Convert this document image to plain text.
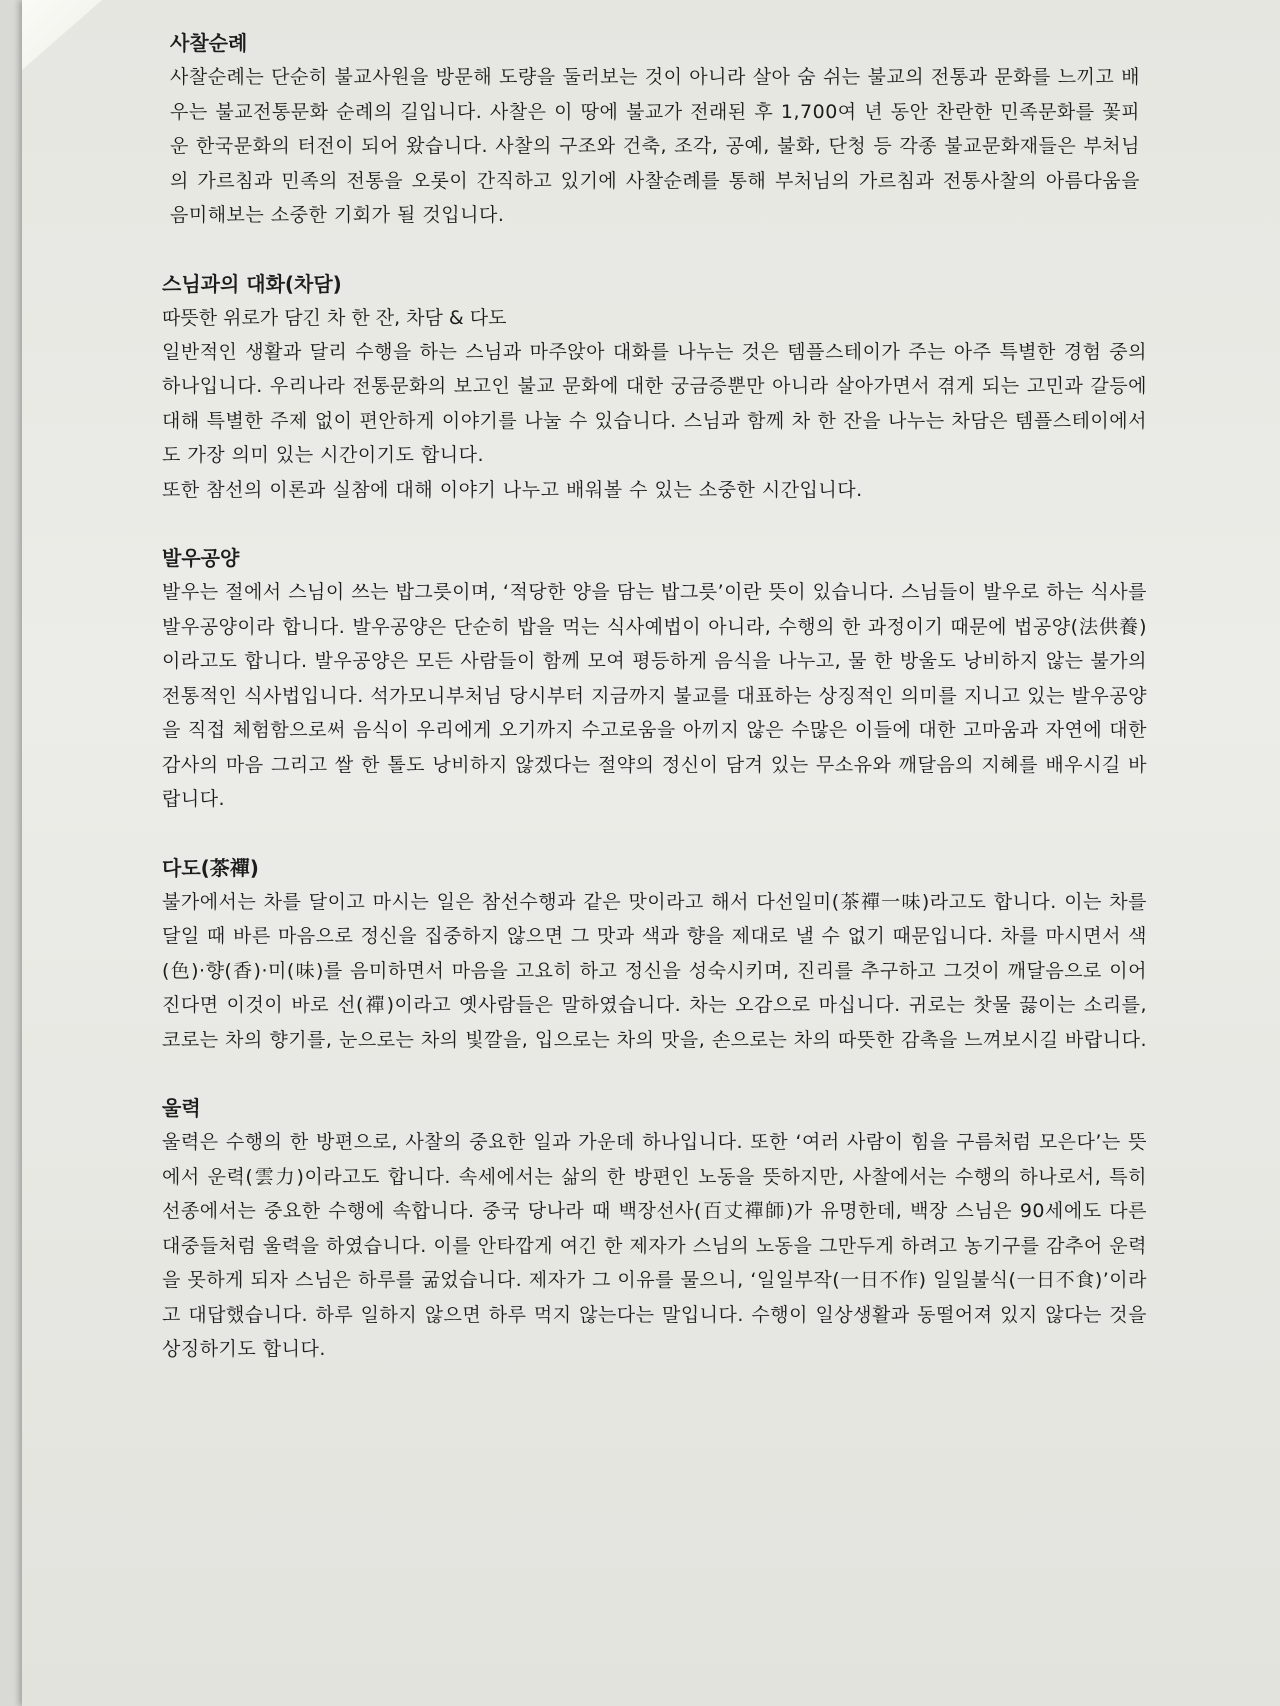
사찰순례

사찰순례는 단순히 불교사원을 방문해 도량을 둘러보는 것이 아니라 살아 숨 쉬는 불교의 전통과 문화를 느끼고 배우는 불교전통문화 순례의 길입니다. 사찰은 이 땅에 불교가 전래된 후 1,700여 년 동안 찬란한 민족문화를 꽃피운 한국문화의 터전이 되어 왔습니다. 사찰의 구조와 건축, 조각, 공예, 불화, 단청 등 각종 불교문화재들은 부처님의 가르침과 민족의 전통을 오롯이 간직하고 있기에 사찰순례를 통해 부처님의 가르침과 전통사찰의 아름다움을 음미해보는 소중한 기회가 될 것입니다.

스님과의 대화(차담)

따뜻한 위로가 담긴 차 한 잔, 차담 & 다도

일반적인 생활과 달리 수행을 하는 스님과 마주앉아 대화를 나누는 것은 템플스테이가 주는 아주 특별한 경험 중의 하나입니다. 우리나라 전통문화의 보고인 불교 문화에 대한 궁금증뿐만 아니라 살아가면서 겪게 되는 고민과 갈등에 대해 특별한 주제 없이 편안하게 이야기를 나눌 수 있습니다. 스님과 함께 차 한 잔을 나누는 차담은 템플스테이에서도 가장 의미 있는 시간이기도 합니다.

또한 참선의 이론과 실참에 대해 이야기 나누고 배워볼 수 있는 소중한 시간입니다.

발우공양

발우는 절에서 스님이 쓰는 밥그릇이며, ‘적당한 양을 담는 밥그릇’이란 뜻이 있습니다. 스님들이 발우로 하는 식사를 발우공양이라 합니다. 발우공양은 단순히 밥을 먹는 식사예법이 아니라, 수행의 한 과정이기 때문에 법공양(法供養)이라고도 합니다. 발우공양은 모든 사람들이 함께 모여 평등하게 음식을 나누고, 물 한 방울도 낭비하지 않는 불가의 전통적인 식사법입니다. 석가모니부처님 당시부터 지금까지 불교를 대표하는 상징적인 의미를 지니고 있는 발우공양을 직접 체험함으로써 음식이 우리에게 오기까지 수고로움을 아끼지 않은 수많은 이들에 대한 고마움과 자연에 대한 감사의 마음 그리고 쌀 한 톨도 낭비하지 않겠다는 절약의 정신이 담겨 있는 무소유와 깨달음의 지혜를 배우시길 바랍니다.

다도(茶禪)

불가에서는 차를 달이고 마시는 일은 참선수행과 같은 맛이라고 해서 다선일미(茶禪一味)라고도 합니다. 이는 차를 달일 때 바른 마음으로 정신을 집중하지 않으면 그 맛과 색과 향을 제대로 낼 수 없기 때문입니다. 차를 마시면서 색(色)·향(香)·미(味)를 음미하면서 마음을 고요히 하고 정신을 성숙시키며, 진리를 추구하고 그것이 깨달음으로 이어진다면 이것이 바로 선(禪)이라고 옛사람들은 말하였습니다. 차는 오감으로 마십니다. 귀로는 찻물 끓이는 소리를, 코로는 차의 향기를, 눈으로는 차의 빛깔을, 입으로는 차의 맛을, 손으로는 차의 따뜻한 감촉을 느껴보시길 바랍니다.

울력

울력은 수행의 한 방편으로, 사찰의 중요한 일과 가운데 하나입니다. 또한 ‘여러 사람이 힘을 구름처럼 모은다’는 뜻에서 운력(雲力)이라고도 합니다. 속세에서는 삶의 한 방편인 노동을 뜻하지만, 사찰에서는 수행의 하나로서, 특히 선종에서는 중요한 수행에 속합니다. 중국 당나라 때 백장선사(百丈禪師)가 유명한데, 백장 스님은 90세에도 다른 대중들처럼 울력을 하였습니다. 이를 안타깝게 여긴 한 제자가 스님의 노동을 그만두게 하려고 농기구를 감추어 운력을 못하게 되자 스님은 하루를 굶었습니다. 제자가 그 이유를 물으니, ‘일일부작(一日不作) 일일불식(一日不食)’이라고 대답했습니다. 하루 일하지 않으면 하루 먹지 않는다는 말입니다. 수행이 일상생활과 동떨어져 있지 않다는 것을 상징하기도 합니다.
